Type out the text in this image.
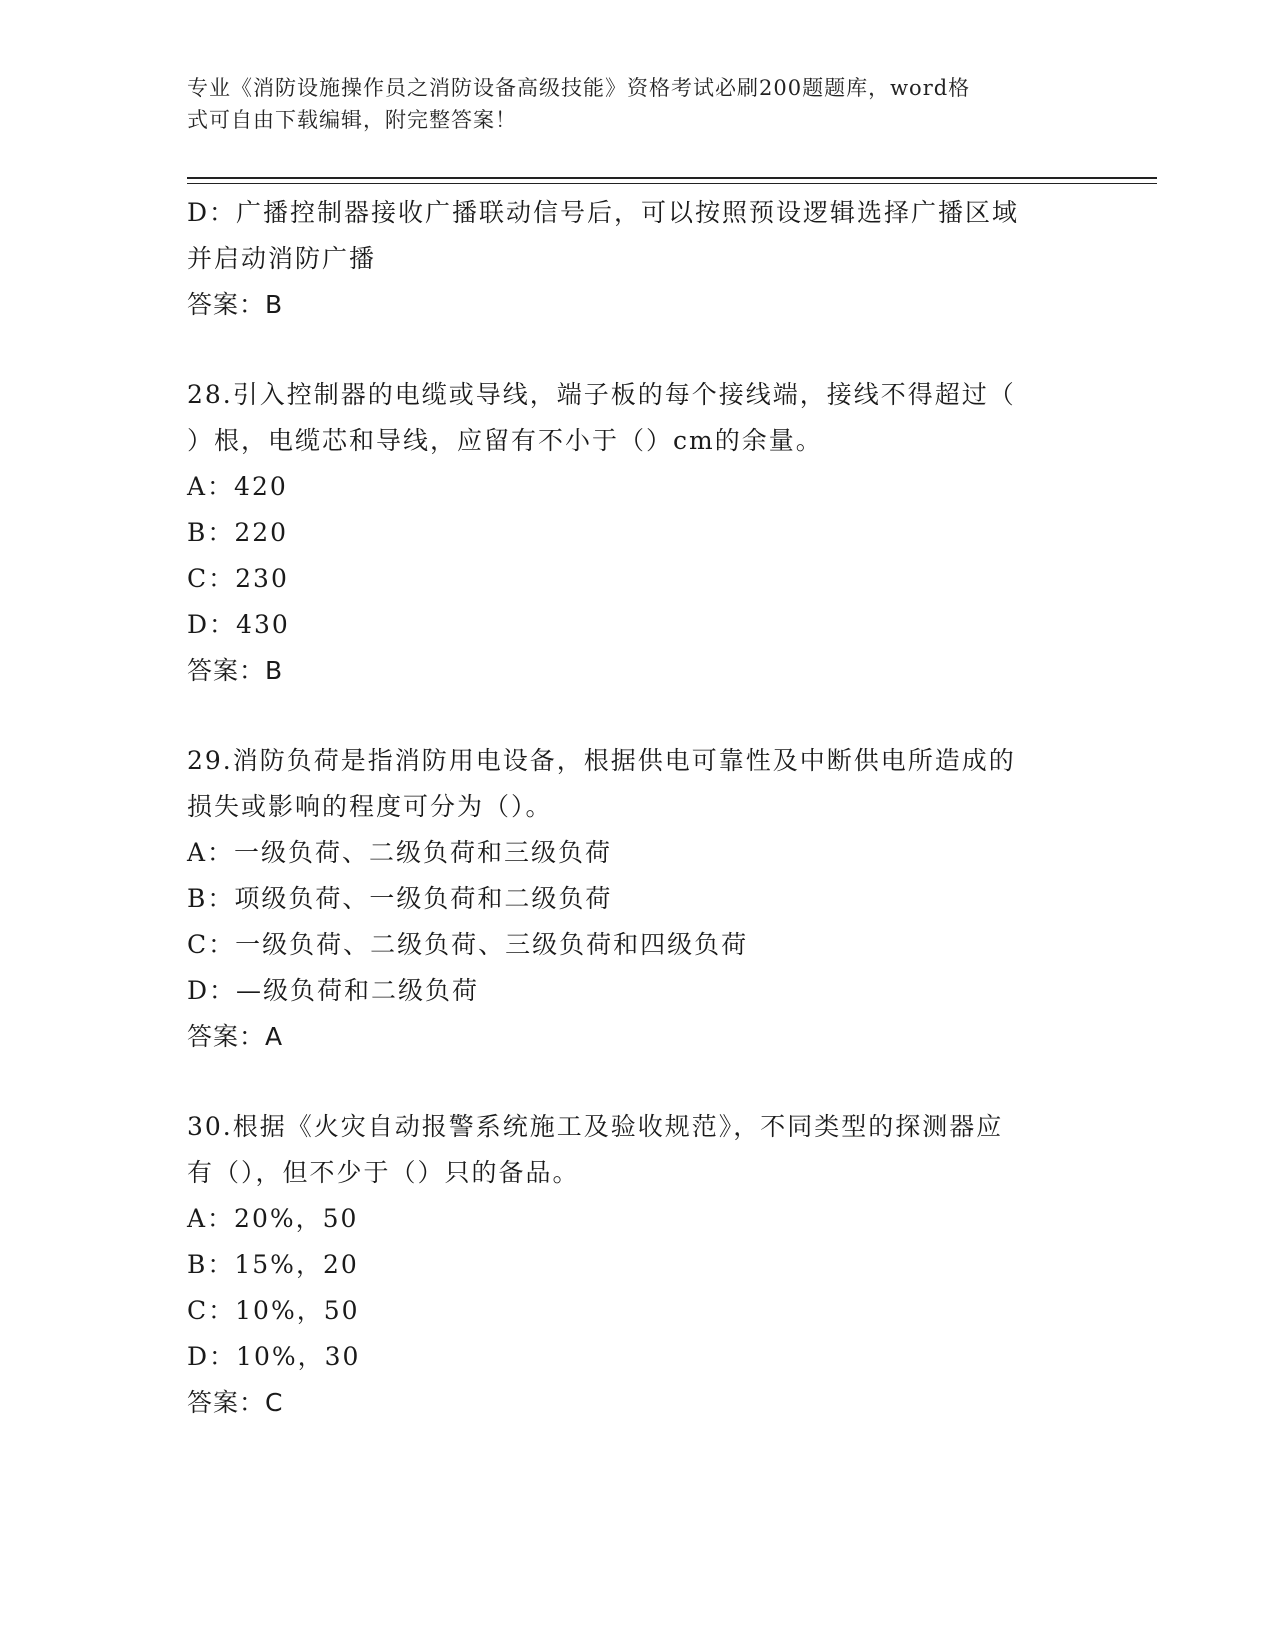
专业《消防设施操作员之消防设备高级技能》资格考试必刷200题题库，word格
式可自由下载编辑，附完整答案！
D：广播控制器接收广播联动信号后，可以按照预设逻辑选择广播区域
并启动消防广播
答案：B
28.引入控制器的电缆或导线，端子板的每个接线端，接线不得超过（
）根，电缆芯和导线，应留有不小于（）cm的余量。
A：420
B：220
C：230
D：430
答案：B
29.消防负荷是指消防用电设备，根据供电可靠性及中断供电所造成的
损失或影响的程度可分为（）。
A：一级负荷、二级负荷和三级负荷
B：项级负荷、一级负荷和二级负荷
C：一级负荷、二级负荷、三级负荷和四级负荷
D：—级负荷和二级负荷
答案：A
30.根据《火灾自动报警系统施工及验收规范》，不同类型的探测器应
有（），但不少于（）只的备品。
A：20%，50
B：15%，20
C：10%，50
D：10%，30
答案：C
